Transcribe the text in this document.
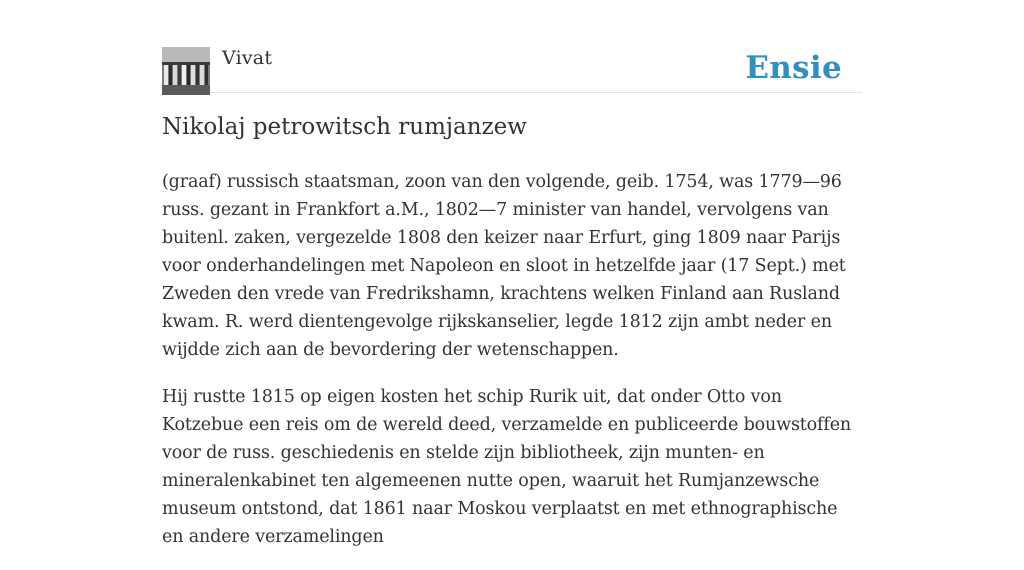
Vivat	Ensie
Nikolaj petrowitsch rumjanzew

(graaf) russisch staatsman, zoon van den volgende, geib. 1754, was 1779—96 russ. gezant in Frankfort a.M., 1802—7 minister van handel, vervolgens van buitenl. zaken, vergezelde 1808 den keizer naar Erfurt, ging 1809 naar Parijs voor onderhandelingen met Napoleon en sloot in hetzelfde jaar (17 Sept.) met Zweden den vrede van Fredrikshamn, krachtens welken Finland aan Rusland kwam. R. werd dientengevolge rijkskanselier, legde 1812 zijn ambt neder en wijdde zich aan de bevordering der wetenschappen.

Hij rustte 1815 op eigen kosten het schip Rurik uit, dat onder Otto von Kotzebue een reis om de wereld deed, verzamelde en publiceerde bouwstoffen voor de russ. geschiedenis en stelde zijn bibliotheek, zijn munten- en mineralenkabinet ten algemeenen nutte open, waaruit het Rumjanzewsche museum ontstond, dat 1861 naar Moskou verplaatst en met ethnographische en andere verzamelingen
